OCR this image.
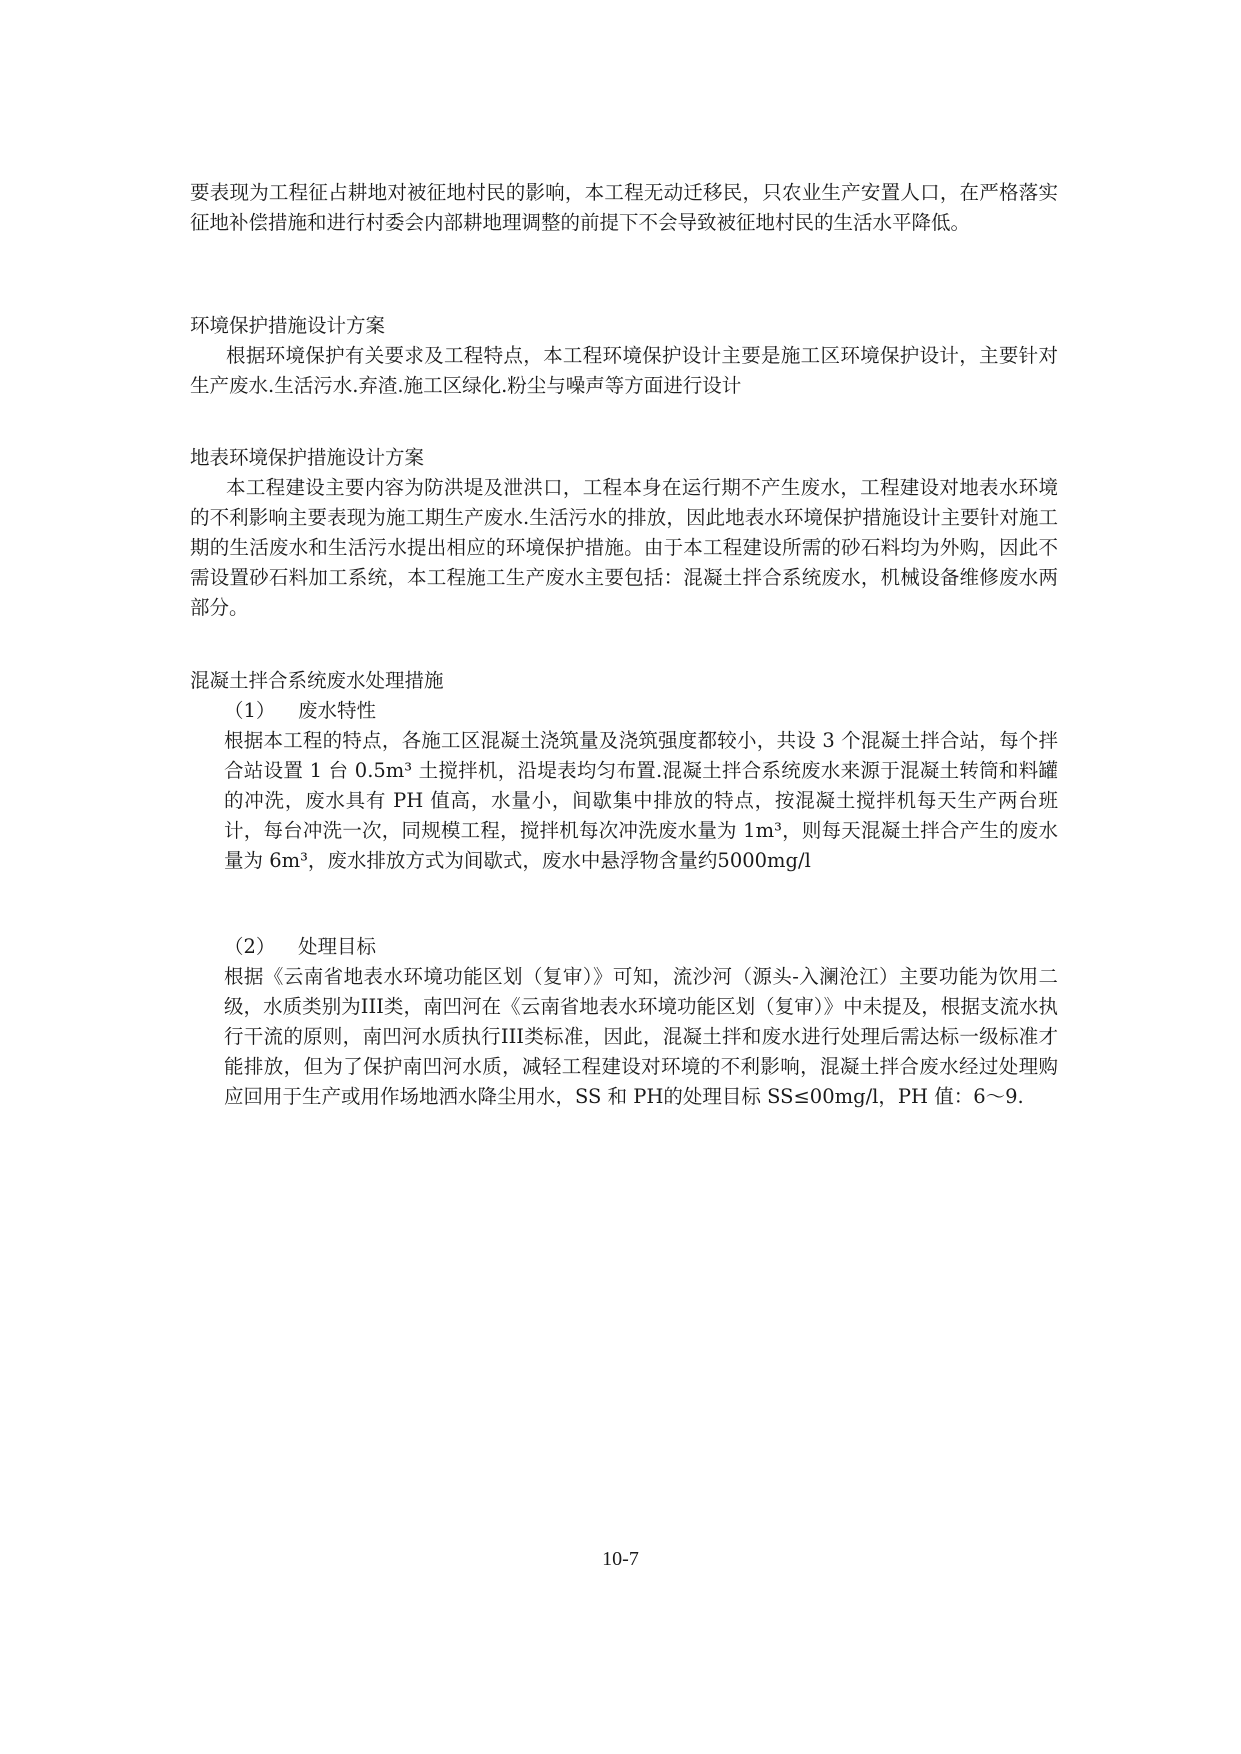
要表现为工程征占耕地对被征地村民的影响，本工程无动迁移民，只农业生产安置人口，在严格落实征地补偿措施和进行村委会内部耕地理调整的前提下不会导致被征地村民的生活水平降低。

环境保护措施设计方案

根据环境保护有关要求及工程特点，本工程环境保护设计主要是施工区环境保护设计，主要针对生产废水.生活污水.弃渣.施工区绿化.粉尘与噪声等方面进行设计

地表环境保护措施设计方案

本工程建设主要内容为防洪堤及泄洪口，工程本身在运行期不产生废水，工程建设对地表水环境的不利影响主要表现为施工期生产废水.生活污水的排放，因此地表水环境保护措施设计主要针对施工期的生活废水和生活污水提出相应的环境保护措施。由于本工程建设所需的砂石料均为外购，因此不需设置砂石料加工系统，本工程施工生产废水主要包括：混凝土拌合系统废水，机械设备维修废水两部分。

混凝土拌合系统废水处理措施

（1） 废水特性

根据本工程的特点，各施工区混凝土浇筑量及浇筑强度都较小，共设 3 个混凝土拌合站，每个拌合站设置 1 台 0.5m³ 土搅拌机，沿堤表均匀布置.混凝土拌合系统废水来源于混凝土转筒和料罐的冲洗，废水具有 PH 值高，水量小，间歇集中排放的特点，按混凝土搅拌机每天生产两台班计，每台冲洗一次，同规模工程，搅拌机每次冲洗废水量为 1m³，则每天混凝土拌合产生的废水量为 6m³，废水排放方式为间歇式，废水中悬浮物含量约5000mg/l

（2） 处理目标

根据《云南省地表水环境功能区划（复审）》可知，流沙河（源头-入澜沧江）主要功能为饮用二级，水质类别为III类，南凹河在《云南省地表水环境功能区划（复审）》中未提及，根据支流水执行干流的原则，南凹河水质执行III类标准，因此，混凝土拌和废水进行处理后需达标一级标准才能排放，但为了保护南凹河水质，减轻工程建设对环境的不利影响，混凝土拌合废水经过处理购应回用于生产或用作场地洒水降尘用水，SS 和 PH的处理目标 SS≤00mg/l，PH 值：6～9.

10-7
